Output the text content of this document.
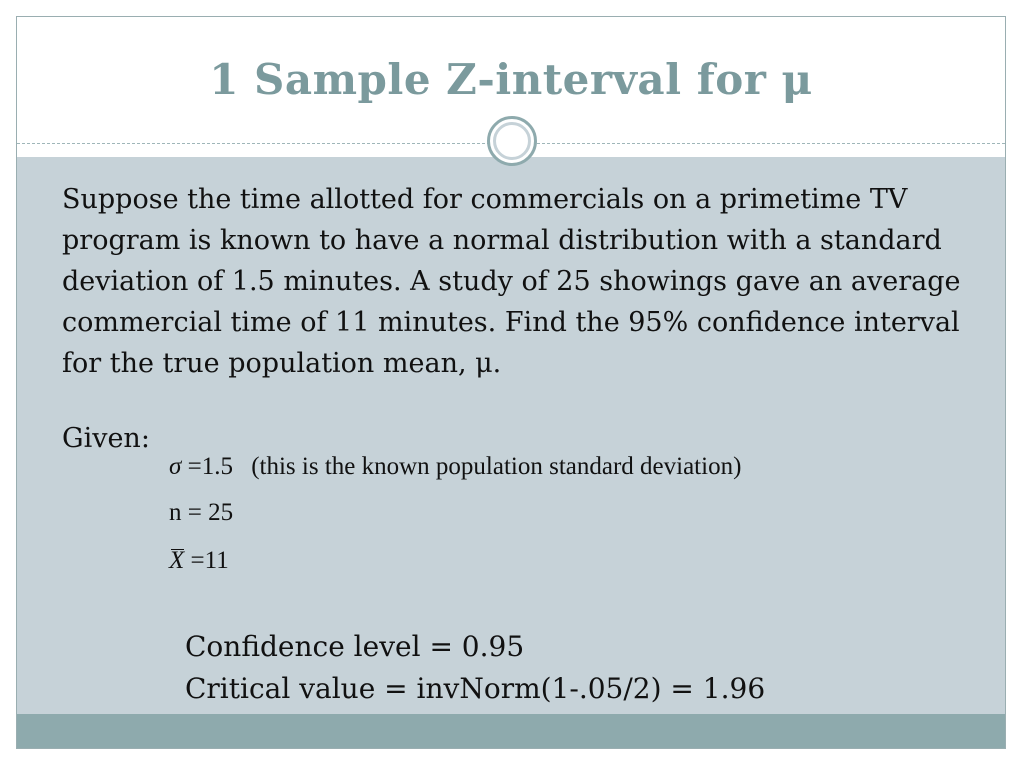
1 Sample Z-interval for μ

Suppose the time allotted for commercials on a primetime TV program is known to have a normal distribution with a standard deviation of 1.5 minutes. A study of 25 showings gave an average commercial time of 11 minutes. Find the 95% confidence interval for the true population mean, μ.

Given:
σ =1.5 (this is the known population standard deviation)
n = 25
X =11
Confidence level = 0.95
Critical value = invNorm(1-.05/2) = 1.96
